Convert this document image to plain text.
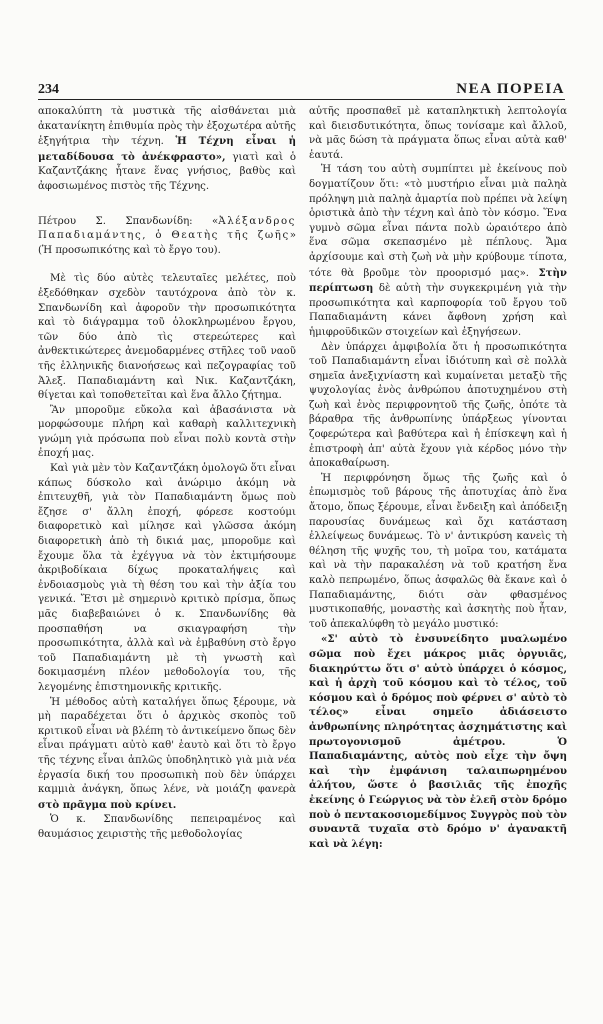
234	ΝΕΑ ΠΟΡΕΙΑ

αποκαλύπτη τὰ μυστικὰ τῆς αἰσθάνεται μιὰ ἀκατανίκητη ἐπιθυμία πρὸς τὴν ἐξοχωτέρα αὐτῆς ἑξηγήτρια τὴν τέχνη. Ἡ Τέχνη εἶναι ἡ μεταδίδουσα τὸ ἀνέκφραστο», γιατὶ καὶ ὁ Καζαντζάκης ἦτανε ἕνας γνήσιος, βαθὺς καὶ ἀφοσιωμένος πιστὸς τῆς Τέχνης.

Πέτρου Σ. Σπανδωνίδη: «Ἀλέξανδρος Παπαδιαμάντης, ὁ Θεατὴς τῆς ζωῆς» (Ἡ προσωπικότης καὶ τὸ ἔργο του).

Μὲ τὶς δύο αὐτὲς τελευταῖες μελέτες, ποὺ ἐξεδόθηκαν σχεδὸν ταυτόχρονα ἀπὸ τὸν κ. Σπανδωνίδη καὶ ἀφοροῦν τὴν προσωπικότητα καὶ τὸ διάγραμμα τοῦ ὁλοκληρωμένου ἔργου, τῶν δύο ἀπὸ τὶς στερεώτερες καὶ ἀνθεκτικώτερες ἀνεμοδαρμένες στῆλες τοῦ ναοῦ τῆς ἑλληνικῆς διανοήσεως καὶ πεζογραφίας τοῦ Ἀλεξ. Παπαδιαμάντη καὶ Νικ. Καζαντζάκη, θίγεται καὶ τοποθετεῖται καὶ ἕνα ἄλλο ζήτημα.

Ἂν μποροῦμε εὔκολα καὶ ἀβασάνιστα νὰ μορφώσουμε πλήρη καὶ καθαρὴ καλλιτεχνικὴ γνώμη γιὰ πρόσωπα ποὺ εἶναι πολὺ κοντὰ στὴν ἐποχή μας.

Καὶ γιὰ μὲν τὸν Καζαντζάκη ὁμολογῶ ὅτι εἶναι κάπως δύσκολο καὶ ἀνώριμο ἀκόμη νὰ ἐπιτευχθῆ, γιὰ τὸν Παπαδιαμάντη ὅμως ποὺ ἔζησε σ' ἄλλη ἐποχή, φόρεσε κοστούμι διαφορετικὸ καὶ μίλησε καὶ γλῶσσα ἀκόμη διαφορετικὴ ἀπὸ τὴ δικιά μας, μποροῦμε καὶ ἔχουμε ὅλα τὰ ἐχέγγυα νὰ τὸν ἐκτιμήσουμε ἀκριβοδίκαια δίχως προκαταλήψεις καὶ ἐνδοιασμοὺς γιὰ τὴ θέση του καὶ τὴν ἀξία του γενικά. Ἔτσι μὲ σημερινὸ κριτικὸ πρίσμα, ὅπως μᾶς διαβεβαιώνει ὁ κ. Σπανδωνίδης θὰ προσπαθήση να σκιαγραφήση τὴν προσωπικότητα, ἀλλὰ καὶ νὰ ἐμβαθύνη στὸ ἔργο τοῦ Παπαδιαμάντη μὲ τὴ γνωστὴ καὶ δοκιμασμένη πλέον μεθοδολογία του, τῆς λεγομένης ἐπιστημονικῆς κριτικῆς.

Ἡ μέθοδος αὐτὴ καταλήγει ὅπως ξέρουμε, νὰ μὴ παραδέχεται ὅτι ὁ ἀρχικὸς σκοπὸς τοῦ κριτικοῦ εἶναι νὰ βλέπη τὸ ἀντικείμενο ὅπως δὲν εἶναι πράγματι αὐτὸ καθ' ἑαυτὸ καὶ ὅτι τὸ ἔργο τῆς τέχνης εἶναι ἁπλῶς ὑποδηλητικὸ γιὰ μιὰ νέα ἐργασία δική του προσωπικὴ ποὺ δὲν ὑπάρχει καμμιὰ ἀνάγκη, ὅπως λένε, νὰ μοιάζη φανερὰ στὸ πρᾶγμα ποὺ κρίνει.

Ὁ κ. Σπανδωνίδης πεπειραμένος καὶ θαυμάσιος χειριστὴς τῆς μεθοδολογίας

αὐτῆς προσπαθεῖ μὲ καταπληκτικὴ λεπτολογία καὶ διεισδυτικότητα, ὅπως τονίσαμε καὶ ἄλλοῦ, νὰ μᾶς δώση τὰ πράγματα ὅπως εἶναι αὐτὰ καθ' ἑαυτά.

Ἡ τάση του αὐτὴ συμπίπτει μὲ ἐκείνους ποὺ δογματίζουν ὅτι: «τὸ μυστήριο εἶναι μιὰ παληὰ πρόληψη μιὰ παληὰ ἁμαρτία ποὺ πρέπει νὰ λείψη ὁριστικὰ ἀπὸ τὴν τέχνη καὶ ἀπὸ τὸν κόσμο. Ἕνα γυμνὸ σῶμα εἶναι πάντα πολὺ ὡραιότερο ἀπὸ ἕνα σῶμα σκεπασμένο μὲ πέπλους. Ἄμα ἀρχίσουμε καὶ στὴ ζωὴ νὰ μὴν κρύβουμε τίποτα, τότε θὰ βροῦμε τὸν προορισμό μας». Στὴν περίπτωση δὲ αὐτὴ τὴν συγκεκριμένη γιὰ τὴν προσωπικότητα καὶ καρποφορία τοῦ ἔργου τοῦ Παπαδιαμάντη κάνει ἄφθονη χρήση καὶ ἡμιφροϋδικῶν στοιχείων καὶ ἐξηγήσεων.

Δὲν ὑπάρχει ἀμφιβολία ὅτι ἡ προσωπικότητα τοῦ Παπαδιαμάντη εἶναι ἰδιότυπη καὶ σὲ πολλὰ σημεῖα ἀνεξιχνίαστη καὶ κυμαίνεται μεταξὺ τῆς ψυχολογίας ἑνὸς ἀνθρώπου ἀποτυχημένου στὴ ζωὴ καὶ ἑνὸς περιφρονητοῦ τῆς ζωῆς, ὁπότε τὰ βάραθρα τῆς ἀνθρωπίνης ὑπάρξεως γίνονται ζοφερώτερα καὶ βαθύτερα καὶ ἡ ἐπίσκεψη καὶ ἡ ἐπιστροφὴ ἀπ' αὐτὰ ἔχουν γιὰ κέρδος μόνο τὴν ἀποκαθαίρωση.

Ἡ περιφρόνηση ὅμως τῆς ζωῆς καὶ ὁ ἐπωμισμὸς τοῦ βάρους τῆς ἀποτυχίας ἀπὸ ἕνα ἄτομο, ὅπως ξέρουμε, εἶναι ἔνδειξη καὶ ἀπόδειξη παρουσίας δυνάμεως καὶ ὄχι κατάσταση ἐλλείψεως δυνάμεως. Τὸ ν' ἀντικρύση κανεὶς τὴ θέληση τῆς ψυχῆς του, τὴ μοῖρα του, κατάματα καὶ νὰ τὴν παρακαλέση νὰ τοῦ κρατήση ἕνα καλὸ πεπρωμένο, ὅπως ἀσφαλῶς θὰ ἔκανε καὶ ὁ Παπαδιαμάντης, διότι σὰν φθασμένος μυστικοπαθής, μοναστὴς καὶ ἀσκητὴς ποὺ ἦταν, τοῦ ἀπεκαλύφθη τὸ μεγάλο μυστικό:

«Σ' αὐτὸ τὸ ἐνσυνείδητο μυαλωμένο σῶμα ποὺ ἔχει μάκρος μιᾶς ὀργυιᾶς, διακηρύττω ὅτι σ' αὐτὸ ὑπάρχει ὁ κόσμος, καὶ ἡ ἀρχὴ τοῦ κόσμου καὶ τὸ τέλος, τοῦ κόσμου καὶ ὁ δρόμος ποὺ φέρνει σ' αὐτὸ τὸ τέλος» εἶναι σημεῖο ἀδιάσειστο ἀνθρωπίνης πληρότητας ἀσχημάτιστης καὶ πρωτογονισμοῦ ἀμέτρου. Ὁ Παπαδιαμάντης, αὐτὸς ποὺ εἶχε τὴν ὄψη καὶ τὴν ἐμφάνιση ταλαιπωρημένου ἀλήτου, ὥστε ὁ βασιλιᾶς τῆς ἐποχῆς ἐκείνης ὁ Γεώργιος νὰ τὸν ἐλεῆ στὸν δρόμο ποὺ ὁ πεντακοσιομεδίμνος Συγγρὸς ποὺ τὸν συναντᾶ τυχαῖα στὸ δρόμο ν' ἀγανακτῆ καὶ νὰ λέγη:
